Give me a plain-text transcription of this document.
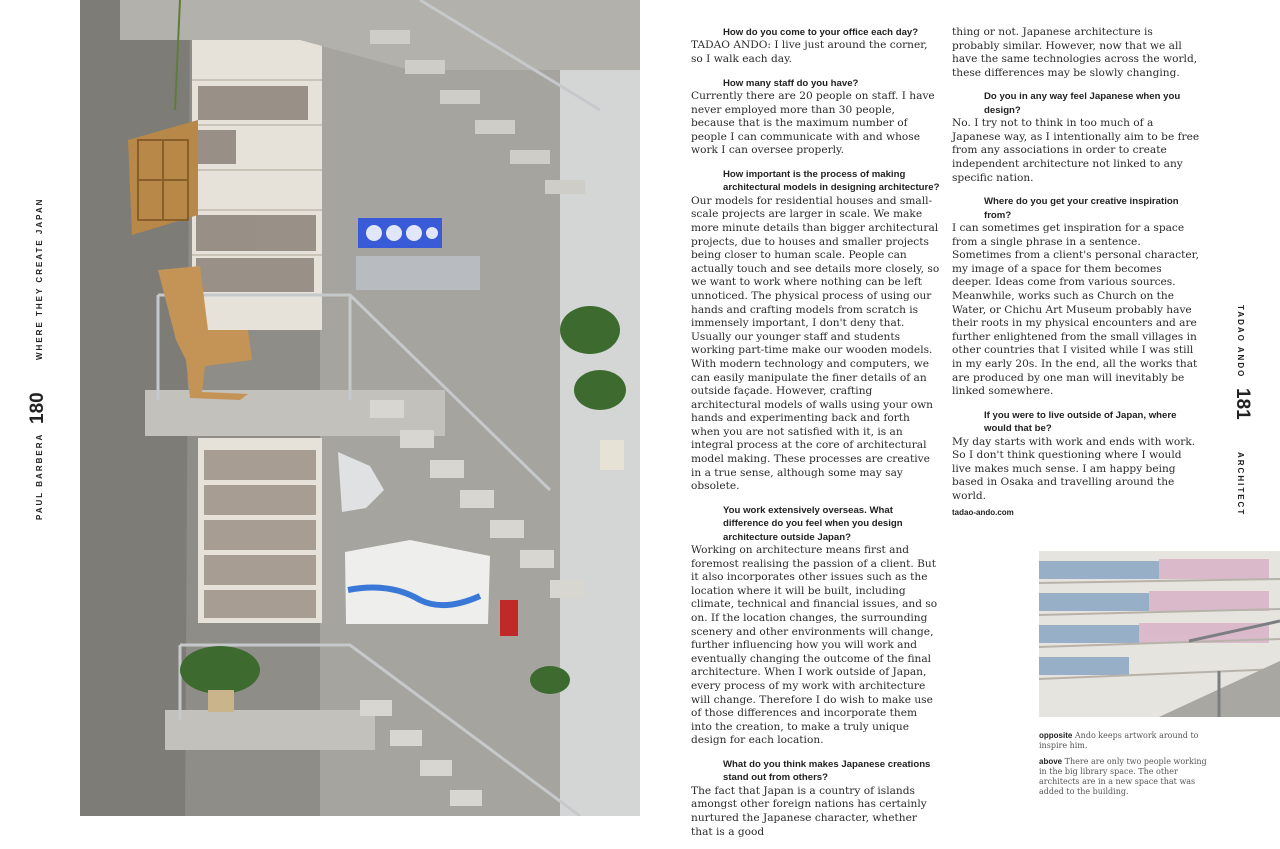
WHERE THEY CREATE JAPAN
180
PAUL BARBERA
How do you come to your office each day?
TADAO ANDO: I live just around the corner, so I walk each day.
How many staff do you have?
Currently there are 20 people on staff. I have never employed more than 30 people, because that is the maximum number of people I can communicate with and whose work I can oversee properly.
How important is the process of making architectural models in designing architecture?
Our models for residential houses and small-scale projects are larger in scale. We make more minute details than bigger architectural projects, due to houses and smaller projects being closer to human scale. People can actually touch and see details more closely, so we want to work where nothing can be left unnoticed. The physical process of using our hands and crafting models from scratch is immensely important, I don't deny that. Usually our younger staff and students working part-time make our wooden models. With modern technology and computers, we can easily manipulate the finer details of an outside façade. However, crafting architectural models of walls using your own hands and experimenting back and forth when you are not satisfied with it, is an integral process at the core of architectural model making. These processes are creative in a true sense, although some may say obsolete.
You work extensively overseas. What difference do you feel when you design architecture outside Japan?
Working on architecture means first and foremost realising the passion of a client. But it also incorporates other issues such as the location where it will be built, including climate, technical and financial issues, and so on. If the location changes, the surrounding scenery and other environments will change, further influencing how you will work and eventually changing the outcome of the final architecture. When I work outside of Japan, every process of my work with architecture will change. Therefore I do wish to make use of those differences and incorporate them into the creation, to make a truly unique design for each location.
What do you think makes Japanese creations stand out from others?
The fact that Japan is a country of islands amongst other foreign nations has certainly nurtured the Japanese character, whether that is a good
thing or not. Japanese architecture is probably similar. However, now that we all have the same technologies across the world, these differences may be slowly changing.
Do you in any way feel Japanese when you design?
No. I try not to think in too much of a Japanese way, as I intentionally aim to be free from any associations in order to create independent architecture not linked to any specific nation.
Where do you get your creative inspiration from?
I can sometimes get inspiration for a space from a single phrase in a sentence. Sometimes from a client's personal character, my image of a space for them becomes deeper. Ideas come from various sources. Meanwhile, works such as Church on the Water, or Chichu Art Museum probably have their roots in my physical encounters and are further enlightened from the small villages in other countries that I visited while I was still in my early 20s. In the end, all the works that are produced by one man will inevitably be linked somewhere.
If you were to live outside of Japan, where would that be?
My day starts with work and ends with work. So I don't think questioning where I would live makes much sense. I am happy being based in Osaka and travelling around the world.
tadao-ando.com
TADAO ANDO
181
ARCHITECT
opposite Ando keeps artwork around to inspire him.
above There are only two people working in the big library space. The other architects are in a new space that was added to the building.
